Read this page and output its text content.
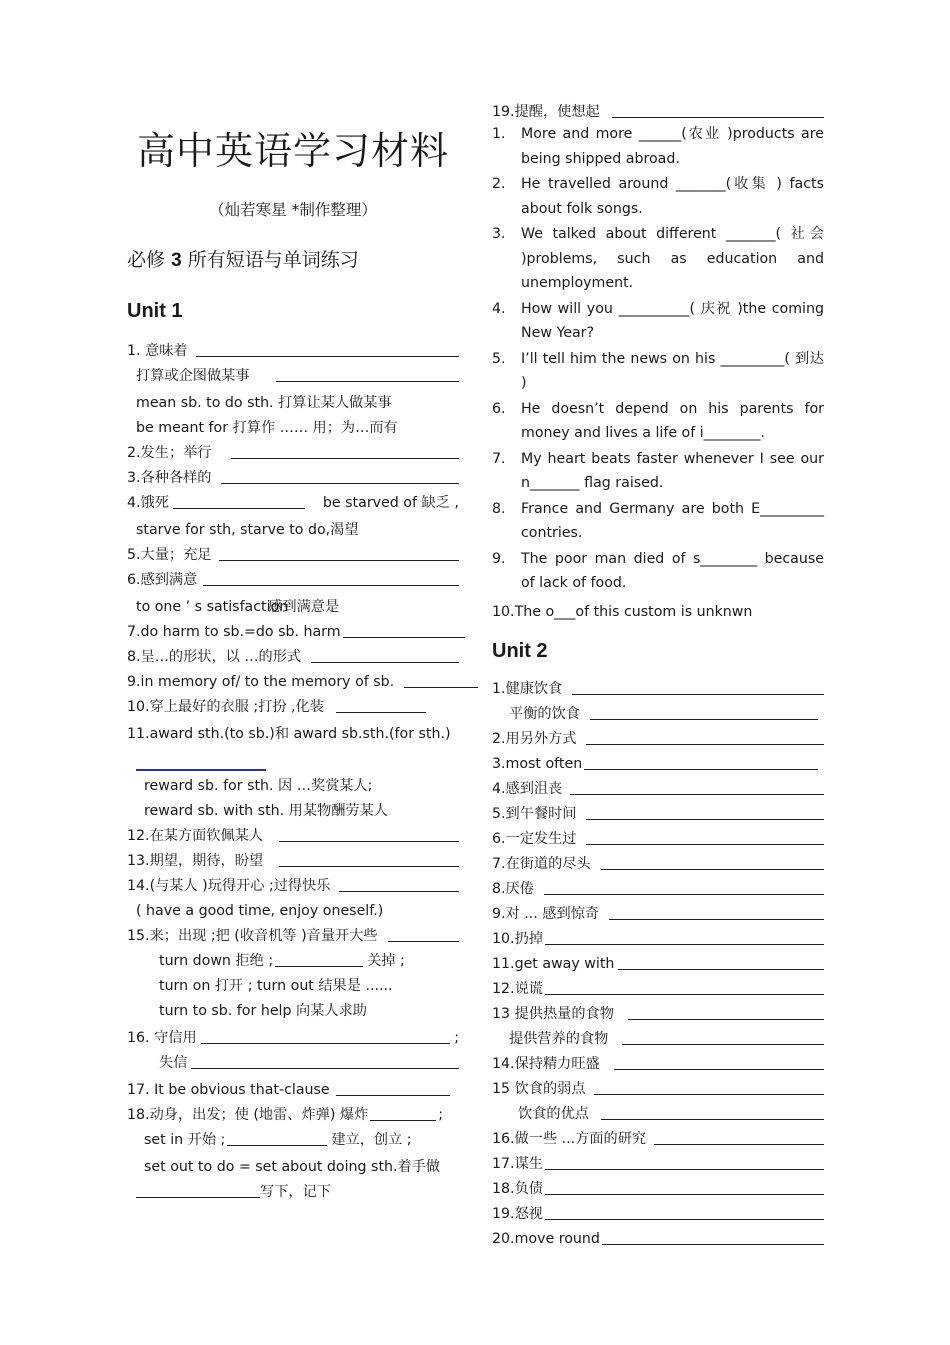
高中英语学习材料
（灿若寒星 *制作整理）
必修 3 所有短语与单词练习
Unit 1
1. 意味着
打算或企图做某事
mean sb. to do sth. 打算让某人做某事
be meant for 打算作 …… 用；为…而有
2.发生；举行
3.各种各样的
4.饿死	be starved of 缺乏 ,
starve for sth, starve to do,渴望
5.大量；充足
6.感到满意
to one ’ s satisfaction
感到满意是
7.do harm to sb.=do sb. harm
8.呈…的形状，以 …的形式
9.in memory of/ to the memory of sb.
10.穿上最好的衣服 ;打扮 ,化装
11.award sth.(to sb.)和 award sb.sth.(for sth.)
reward sb. for sth. 因 …奖赏某人;
reward sb. with sth. 用某物酬劳某人
12.在某方面钦佩某人
13.期望，期待，盼望
14.(与某人 )玩得开心 ;过得快乐
( have a good time, enjoy oneself.)
15.来；出现 ;把 (收音机等 )音量开大些
turn down 拒绝 ;	关掉 ;
turn on 打开 ; turn out 结果是 ......
turn to sb. for help 向某人求助
16. 守信用	;
失信
17. It be obvious that-clause
18.动身，出发；使 (地雷、炸弹) 爆炸	;
set in 开始 ;	建立，创立 ;
set out to do = set about doing sth.着手做
写下，记下
19.提醒，使想起
1.	More and more ______(农业 )products are being shipped abroad.
2.	He travelled around _______(收集 ) facts about folk songs.
3.	We talked about different _______( 社会 )problems, such as education and unemployment.
4.	How will you __________( 庆祝 )the coming New Year?
5.	I’ll tell him the news on his _________( 到达 )
6.	He doesn’t depend on his parents for money and lives a life of i________.
7.	My heart beats faster whenever I see our n_______ flag raised.
8.	France and Germany are both E_________ contries.
9.	The poor man died of s________ because of lack of food.
10.The o___of this custom is unknwn
Unit 2
1.健康饮食
平衡的饮食
2.用另外方式
3.most often
4.感到沮丧
5.到午餐时间
6.一定发生过
7.在街道的尽头
8.厌倦
9.对 ... 感到惊奇
10.扔掉
11.get away with
12.说谎
13 提供热量的食物
提供营养的食物
14.保持精力旺盛
15 饮食的弱点
饮食的优点
16.做一些 ...方面的研究
17.谋生
18.负债
19.怒视
20.move round
